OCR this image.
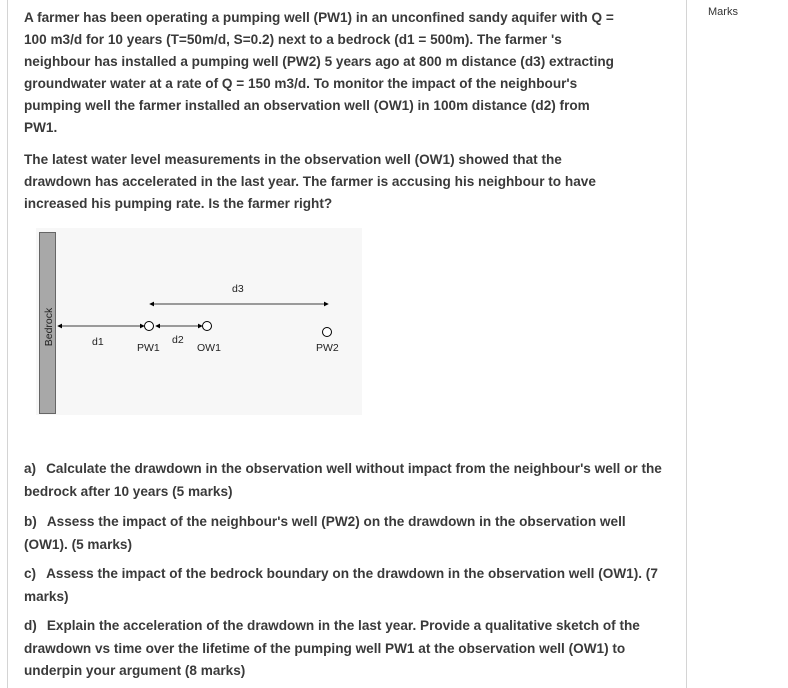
Marks

A farmer has been operating a pumping well (PW1) in an unconfined sandy aquifer with Q =
100 m3/d for 10 years (T=50m/d, S=0.2) next to a bedrock (d1 = 500m). The farmer 's
neighbour has installed a pumping well (PW2) 5 years ago at 800 m distance (d3) extracting
groundwater water at a rate of Q = 150 m3/d. To monitor the impact of the neighbour's
pumping well the farmer installed an observation well (OW1) in 100m distance (d2) from
PW1.

The latest water level measurements in the observation well (OW1) showed that the
drawdown has accelerated in the last year. The farmer is accusing his neighbour to have
increased his pumping rate. Is the farmer right?

Bedrock	d1
d3
d2
PW1	OW1	PW2

a) Calculate the drawdown in the observation well without impact from the neighbour's well or the bedrock after 10 years (5 marks)

b) Assess the impact of the neighbour's well (PW2) on the drawdown in the observation well (OW1). (5 marks)

c) Assess the impact of the bedrock boundary on the drawdown in the observation well (OW1). (7 marks)

d) Explain the acceleration of the drawdown in the last year. Provide a qualitative sketch of the drawdown vs time over the lifetime of the pumping well PW1 at the observation well (OW1) to underpin your argument (8 marks)
